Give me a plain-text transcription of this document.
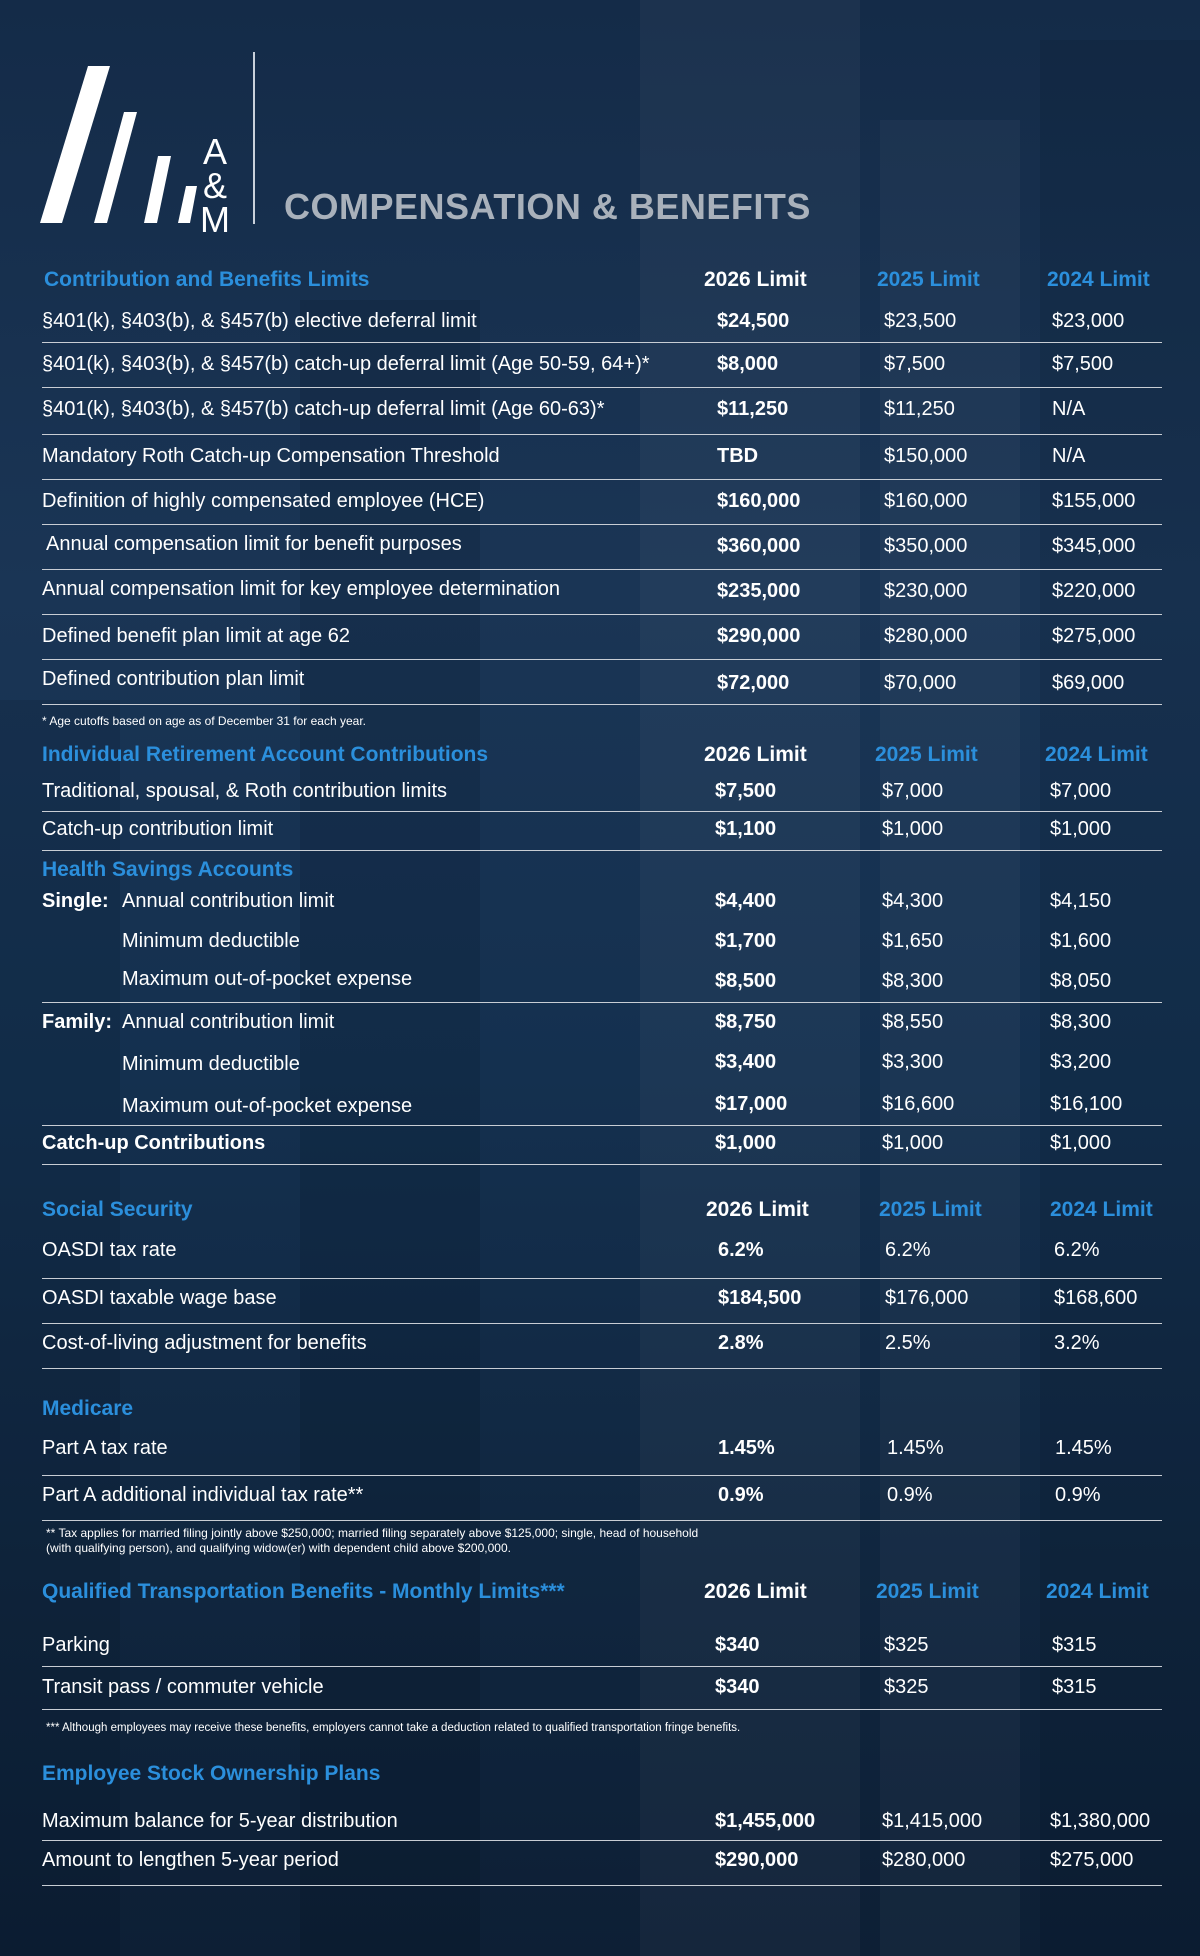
A
&
M COMPENSATION & BENEFITS
Contribution and Benefits Limits	2026 Limit	2025 Limit	2024 Limit
§401(k), §403(b), & §457(b) elective deferral limit	$24,500	$23,500	$23,000
§401(k), §403(b), & §457(b) catch-up deferral limit (Age 50-59, 64+)*	$8,000	$7,500	$7,500
§401(k), §403(b), & §457(b) catch-up deferral limit (Age 60-63)*	$11,250	$11,250	N/A
Mandatory Roth Catch-up Compensation Threshold	TBD	$150,000	N/A
Definition of highly compensated employee (HCE)	$160,000	$160,000	$155,000
Annual compensation limit for benefit purposes	$360,000	$350,000	$345,000
Annual compensation limit for key employee determination	$235,000	$230,000	$220,000
Defined benefit plan limit at age 62	$290,000	$280,000	$275,000
Defined contribution plan limit	$72,000	$70,000	$69,000
* Age cutoffs based on age as of December 31 for each year.
Individual Retirement Account Contributions	2026 Limit	2025 Limit	2024 Limit
Traditional, spousal, & Roth contribution limits	$7,500	$7,000	$7,000
Catch-up contribution limit	$1,100	$1,000	$1,000
Health Savings Accounts
Single: Annual contribution limit	$4,400	$4,300	$4,150
Minimum deductible	$1,700	$1,650	$1,600
Maximum out-of-pocket expense	$8,500	$8,300	$8,050
Family: Annual contribution limit	$8,750	$8,550	$8,300
Minimum deductible	$3,400	$3,300	$3,200
Maximum out-of-pocket expense	$17,000	$16,600	$16,100
Catch-up Contributions	$1,000	$1,000	$1,000
Social Security	2026 Limit	2025 Limit	2024 Limit
OASDI tax rate	6.2%	6.2%	6.2%
OASDI taxable wage base	$184,500	$176,000	$168,600
Cost-of-living adjustment for benefits	2.8%	2.5%	3.2%
Medicare
Part A tax rate	1.45%	1.45%	1.45%
Part A additional individual tax rate**	0.9%	0.9%	0.9%
** Tax applies for married filing jointly above $250,000; married filing separately above $125,000; single, head of household
(with qualifying person), and qualifying widow(er) with dependent child above $200,000.
Qualified Transportation Benefits - Monthly Limits***	2026 Limit	2025 Limit	2024 Limit
Parking	$340	$325	$315
Transit pass / commuter vehicle	$340	$325	$315
*** Although employees may receive these benefits, employers cannot take a deduction related to qualified transportation fringe benefits.
Employee Stock Ownership Plans
Maximum balance for 5-year distribution	$1,455,000	$1,415,000	$1,380,000
Amount to lengthen 5-year period	$290,000	$280,000	$275,000
